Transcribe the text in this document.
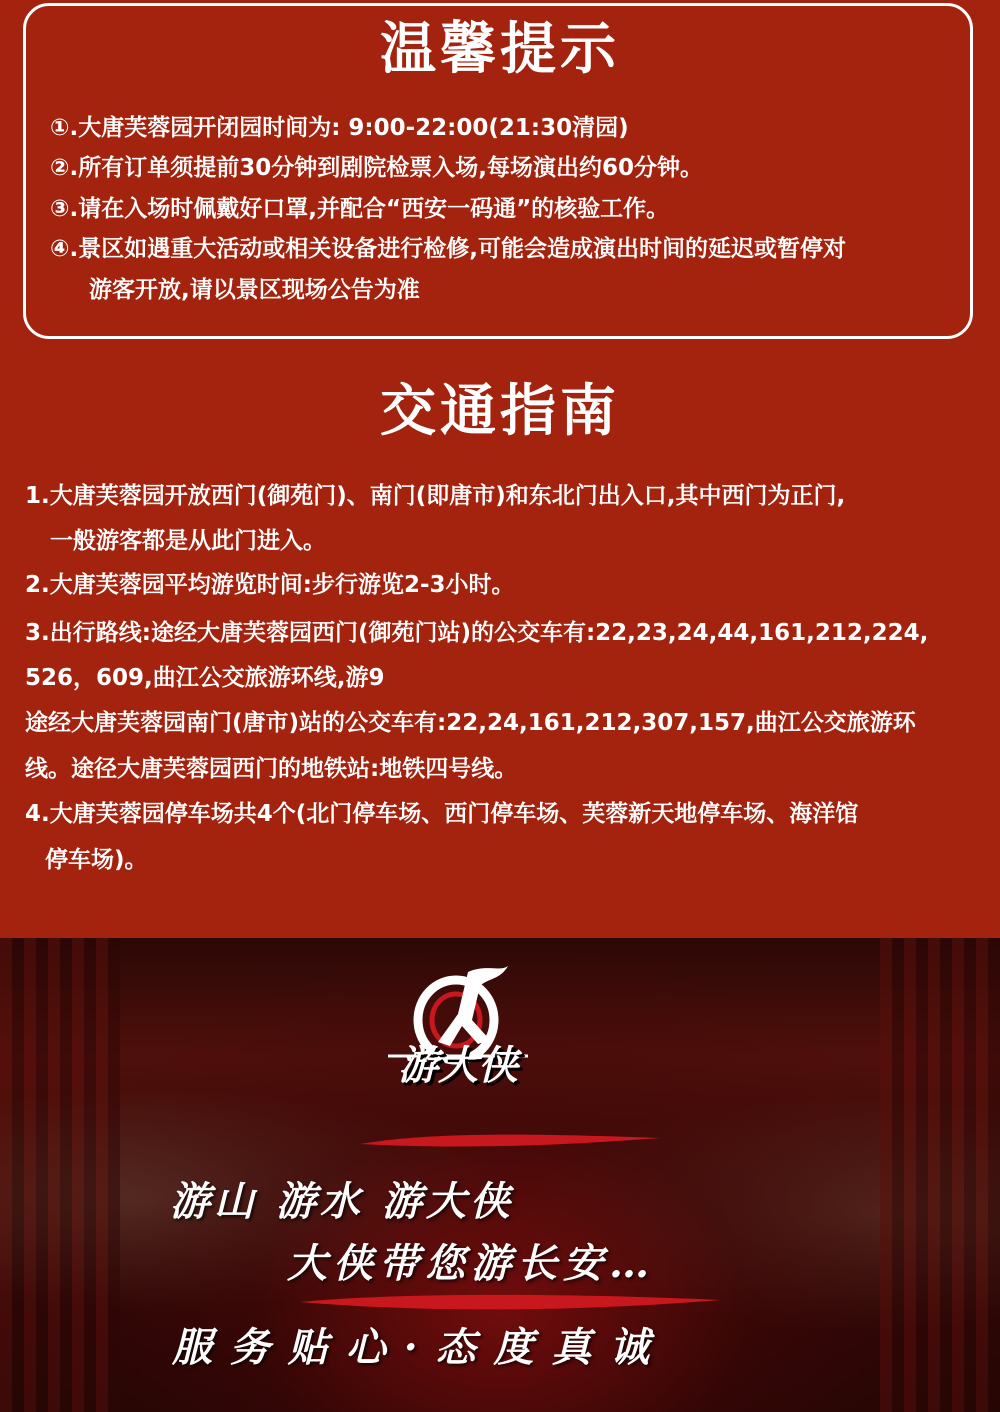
温馨提示
①.大唐芙蓉园开闭园时间为: 9:00-22:00(21:30清园)
②.所有订单须提前30分钟到剧院检票入场,每场演出约60分钟。
③.请在入场时佩戴好口罩,并配合“西安一码通”的核验工作。
④.景区如遇重大活动或相关设备进行检修,可能会造成演出时间的延迟或暂停对
游客开放,请以景区现场公告为准
交通指南
1.大唐芙蓉园开放西门(御苑门)、南门(即唐市)和东北门出入口,其中西门为正门,
一般游客都是从此门进入。
2.大唐芙蓉园平均游览时间:步行游览2-3小时。
3.出行路线:途经大唐芙蓉园西门(御苑门站)的公交车有:22,23,24,44,161,212,224,
526，609,曲江公交旅游环线,游9
途经大唐芙蓉园南门(唐市)站的公交车有:22,24,161,212,307,157,曲江公交旅游环
线。途径大唐芙蓉园西门的地铁站:地铁四号线。
4.大唐芙蓉园停车场共4个(北门停车场、西门停车场、芙蓉新天地停车场、海洋馆
停车场)。
游大侠
游山 游水 游大侠
大侠带您游长安…
服 务 贴 心 · 态 度 真 诚
